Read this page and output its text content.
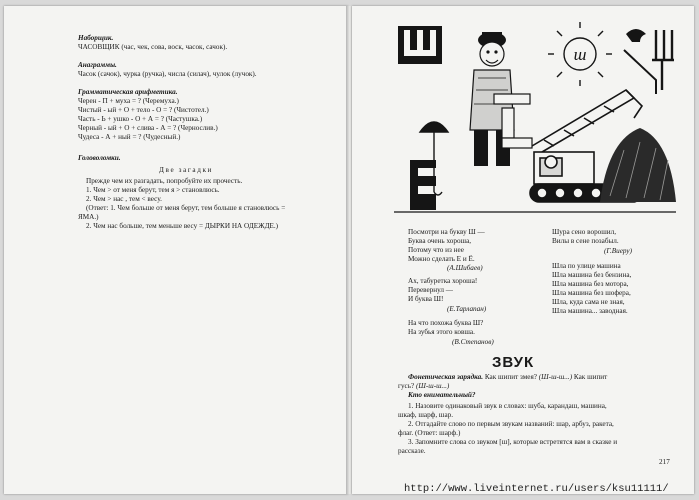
Наборщик.
ЧАСОВЩИК (час, чек, сова, воск, часок, сачок).
Анаграммы.
Часок (сачок), чурка (ручка), числа (силач), чулок (лучок).
Грамматическая арифметика.
Черен - П + муха = ? (Черемуха.)
Чистый - ый + О + тело - О = ? (Чистотел.)
Часть - Ь + ушко - О + А = ? (Частушка.)
Черный - ый + О + слива - А = ? (Чернослив.)
Чудеса - А + ный = ? (Чудесный.)
Головоломки.
Две загадки
Прежде чем их разгадать, попробуйте их прочесть.
1. Чем > от меня берут, тем я > становлюсь.
2. Чем > нас , тем < весу.
(Ответ: 1. Чем больше от меня берут, тем больше я становлюсь =
ЯМА.)
2. Чем нас больше, тем меньше весу = ДЫРКИ НА ОДЕЖДЕ.)
ш
Посмотри на букву Ш —
Буква очень хороша,
Потому что из нее
Можно сделать Е и Ё.
(А.Шибаев)
Ах, табуретка хороша!
Перевернул —
И буква Ш!
(Е.Тарлапан)
На что похожа буква Ш?
На зубья этого ковша.
(В.Степанов)
Шура сено ворошил,
Вилы в сене позабыл.
(Г.Виеру)
Шла по улице машина
Шла машина без бензина,
Шла машина без мотора,
Шла машина без шофера,
Шла, куда сама не зная,
Шла машина... заводная.
ЗВУК
Фонетическая зарядка. Как шипит змея? (Ш-ш-ш...) Как шипит
гусь? (Ш-ш-ш...)
Кто внимательный?
1. Назовите одинаковый звук в словах: шуба, карандаш, машина,
шкаф, шарф, шар.
2. Отгадайте слово по первым звукам названий: шар, арбуз, ракета,
флаг. (Ответ: шарф.)
3. Запомните слова со звуком [ш], которые встретятся вам в сказке и
рассказе.
217
http://www.liveinternet.ru/users/ksu11111/
